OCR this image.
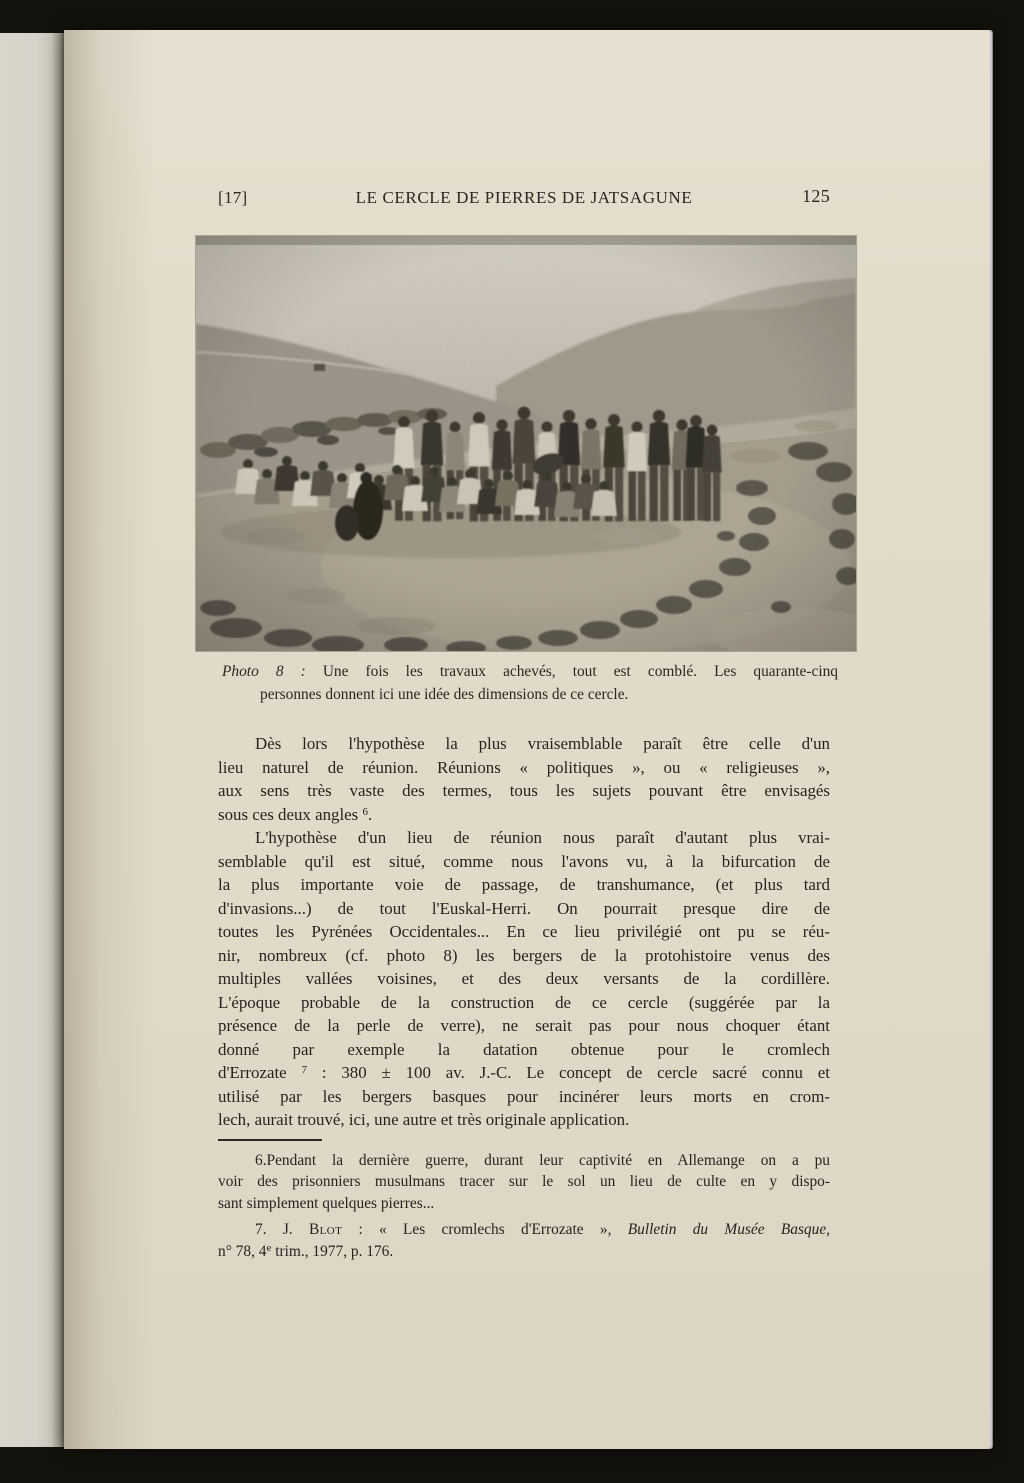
[17]	LE CERCLE DE PIERRES DE JATSAGUNE	125
Photo 8 : Une fois les travaux achevés, tout est comblé. Les quarante-cinq
personnes donnent ici une idée des dimensions de ce cercle.
Dès lors l'hypothèse la plus vraisemblable paraît être celle d'un
lieu naturel de réunion. Réunions « politiques », ou « religieuses »,
aux sens très vaste des termes, tous les sujets pouvant être envisagés
sous ces deux angles $^6$.
L'hypothèse d'un lieu de réunion nous paraît d'autant plus vrai-
semblable qu'il est situé, comme nous l'avons vu, à la bifurcation de
la plus importante voie de passage, de transhumance, (et plus tard
d'invasions...) de tout l'Euskal-Herri. On pourrait presque dire de
toutes les Pyrénées Occidentales... En ce lieu privilégié ont pu se réu-
nir, nombreux (cf. photo 8) les bergers de la protohistoire venus des
multiples vallées voisines, et des deux versants de la cordillère.
L'époque probable de la construction de ce cercle (suggérée par la
présence de la perle de verre), ne serait pas pour nous choquer étant
donné par exemple la datation obtenue pour le cromlech
d'Errozate $^7$ : 380 ± 100 av. J.-C. Le concept de cercle sacré connu et
utilisé par les bergers basques pour incinérer leurs morts en crom-
lech, aurait trouvé, ici, une autre et très originale application.
6.Pendant la dernière guerre, durant leur captivité en Allemange on a pu
voir des prisonniers musulmans tracer sur le sol un lieu de culte en y dispo-
sant simplement quelques pierres...
7. J. Blot : « Les cromlechs d'Errozate », Bulletin du Musée Basque,
n° 78, 4e trim., 1977, p. 176.
